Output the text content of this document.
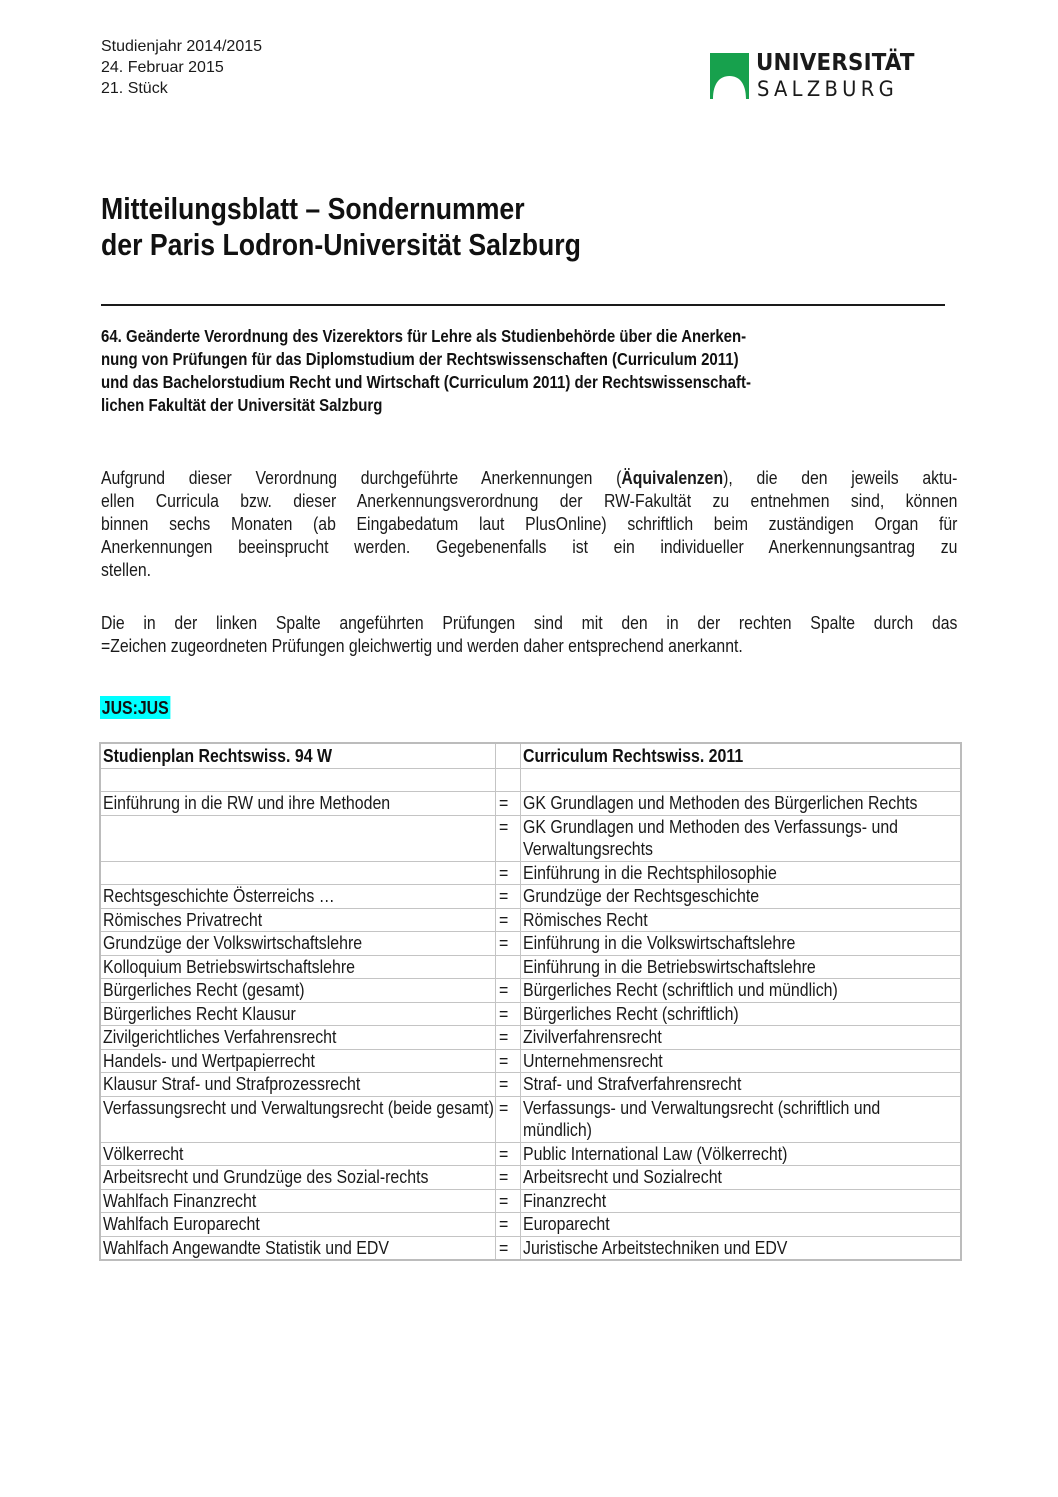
Studienjahr 2014/2015
24. Februar 2015
21. Stück
UNIVERSITÄT
SALZBURG
Mitteilungsblatt – Sondernummer
der Paris Lodron-Universität Salzburg
64. Geänderte Verordnung des Vizerektors für Lehre als Studienbehörde über die Anerken-
nung von Prüfungen für das Diplomstudium der Rechtswissenschaften (Curriculum 2011)
und das Bachelorstudium Recht und Wirtschaft (Curriculum 2011) der Rechtswissenschaft-
lichen Fakultät der Universität Salzburg
Aufgrund dieser Verordnung durchgeführte Anerkennungen (Äquivalenzen), die den jeweils aktu-
ellen Curricula bzw. dieser Anerkennungsverordnung der RW-Fakultät zu entnehmen sind, können
binnen sechs Monaten (ab Eingabedatum laut PlusOnline) schriftlich beim zuständigen Organ für
Anerkennungen beeinsprucht werden. Gegebenenfalls ist ein individueller Anerkennungsantrag zu
stellen.
Die in der linken Spalte angeführten Prüfungen sind mit den in der rechten Spalte durch das
=Zeichen zugeordneten Prüfungen gleichwertig und werden daher entsprechend anerkannt.
JUS:JUS
Studienplan Rechtswiss. 94 W		Curriculum Rechtswiss. 2011

Einführung in die RW und ihre Methoden	=	GK Grundlagen und Methoden des Bürgerlichen Rechts

	=	GK Grundlagen und Methoden des Verfassungs- und Verwaltungsrechts

	=	Einführung in die Rechtsphilosophie

Rechtsgeschichte Österreichs …	=	Grundzüge der Rechtsgeschichte

Römisches Privatrecht	=	Römisches Recht

Grundzüge der Volkswirtschaftslehre	=	Einführung in die Volkswirtschaftslehre

Kolloquium Betriebswirtschaftslehre		Einführung in die Betriebswirtschaftslehre

Bürgerliches Recht (gesamt)	=	Bürgerliches Recht (schriftlich und mündlich)

Bürgerliches Recht Klausur	=	Bürgerliches Recht (schriftlich)

Zivilgerichtliches Verfahrensrecht	=	Zivilverfahrensrecht

Handels- und Wertpapierrecht	=	Unternehmensrecht

Klausur Straf- und Strafprozessrecht	=	Straf- und Strafverfahrensrecht

Verfassungsrecht und Verwaltungsrecht (beide gesamt)	=	Verfassungs- und Verwaltungsrecht (schriftlich und mündlich)

Völkerrecht	=	Public International Law (Völkerrecht)

Arbeitsrecht und Grundzüge des Sozial-rechts	=	Arbeitsrecht und Sozialrecht

Wahlfach Finanzrecht	=	Finanzrecht

Wahlfach Europarecht	=	Europarecht

Wahlfach Angewandte Statistik und EDV	=	Juristische Arbeitstechniken und EDV
